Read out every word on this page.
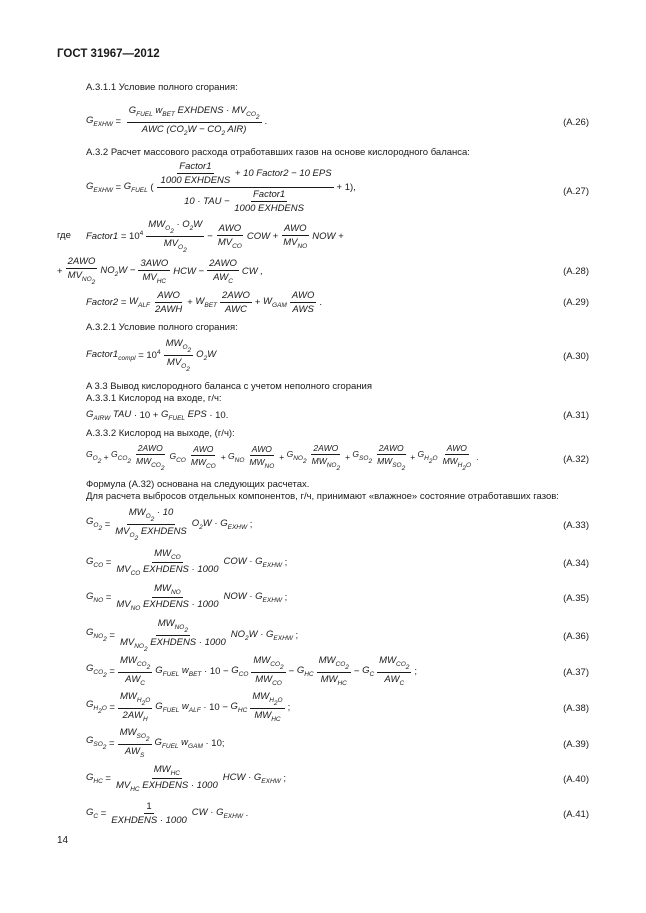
ГОСТ 31967—2012
A.3.1.1 Условие полного сгорания:
$G_{EXHW}$ =
$G_{FUEL}$ $w_{BET}$ EXHDENS · $MV_{CO_2}$
AWC ($CO_2W - CO_2$ AIR)
.	(A.26)
A.3.2 Расчет массового расхода отработавших газов на основе кислородного баланса:
$G_{EXHW} = G_{FUEL}$ (
Factor1
1000 EXHDENS
+ 10 Factor2 − 10 EPS
10 · TAU −
Factor1
1000 EXHDENS
+ 1),	(A.27)
где Factor1 = $10^4$
$MW_{O_2} \cdot O_2W$
$MV_{O_2}$
−
AWO
$MV_{CO}$
COW +
AWO
$MV_{NO}$
NOW +
+
2AWO
$MV_{NO_2}$
$NO_2W$ −
3AWO
$MV_{HC}$
HCW −
2AWO
$AW_C$
CW ,	(A.28)
Factor2 = $W_{ALF}$
AWO
2AWH
+ $W_{BET}$
2AWO
AWC
+ $W_{GAM}$
AWO
AWS
.	(A.29)
A.3.2.1 Условие полного сгорания:
$Factor1_{compl} = 10^4$
$MW_{O_2}$
$MV_{O_2}$
$O_2W$	(A.30)
A 3.3 Вывод кислородного баланса с учетом неполного сгорания
A.3.3.1 Кислород на входе, г/ч:
$G_{AIRW}$ TAU · $10 + G_{FUEL}$ EPS · 10.	(A.31)
A.3.3.2 Кислород на выходе, (г/ч):
$G_{O_2} + G_{CO_2}$
2AWO
$MW_{CO_2}$
$G_{CO}$
AWO
$MW_{CO}$
+ $G_{NO}$
AWO
$MW_{NO}$
+ $G_{NO_2}$
2AWO
$MW_{NO_2}$
+ $G_{SO_2}$
2AWO
$MW_{SO_2}$
+ $G_{H_2O}$
AWO
$MW_{H_2O}$
.	(A.32)
Формула (A.32) основана на следующих расчетах.
Для расчета выбросов отдельных компонентов, г/ч, принимают «влажное» состояние отработавших газов:
$G_{O_2}$ =
$MW_{O_2} \cdot 10$
$MV_{O_2}$ EXHDENS
$O_2W \cdot G_{EXHW}$ ;	(A.33)
$G_{CO}$ =
$MW_{CO}$
$MV_{CO}$ EXHDENS · 1000
COW · $G_{EXHW}$ ;	(A.34)
$G_{NO}$ =
$MW_{NO}$
$MV_{NO}$ EXHDENS · 1000
NOW · $G_{EXHW}$ ;	(A.35)
$G_{NO_2}$ =
$MW_{NO_2}$
$MV_{NO_2}$ EXHDENS · 1000
$NO_2W \cdot G_{EXHW}$ ;	(A.36)
$G_{CO_2}$ =
$MW_{CO_2}$
$AW_C$
$G_{FUEL}$ $w_{BET} \cdot 10 - G_{CO}$
$MW_{CO_2}$
$MW_{CO}$
− $G_{HC}$
$MW_{CO_2}$
$MW_{HC}$
− $G_C$
$MW_{CO_2}$
$AW_C$
;	(A.37)
$G_{H_2O}$ =
$MW_{H_2O}$
$2AW_H$
$G_{FUEL}$ $w_{ALF} \cdot 10 - G_{HC}$
$MW_{H_2O}$
$MW_{HC}$
;	(A.38)
$G_{SO_2}$ =
$MW_{SO_2}$
$AW_S$
$G_{FUEL}$ $w_{GAM} \cdot 10$;	(A.39)
$G_{HC}$ =
$MW_{HC}$
$MV_{HC}$ EXHDENS · 1000
HCW · $G_{EXHW}$ ;	(A.40)
$G_C$ =
1
EXHDENS · 1000
CW · $G_{EXHW}$ .	(A.41)
14
